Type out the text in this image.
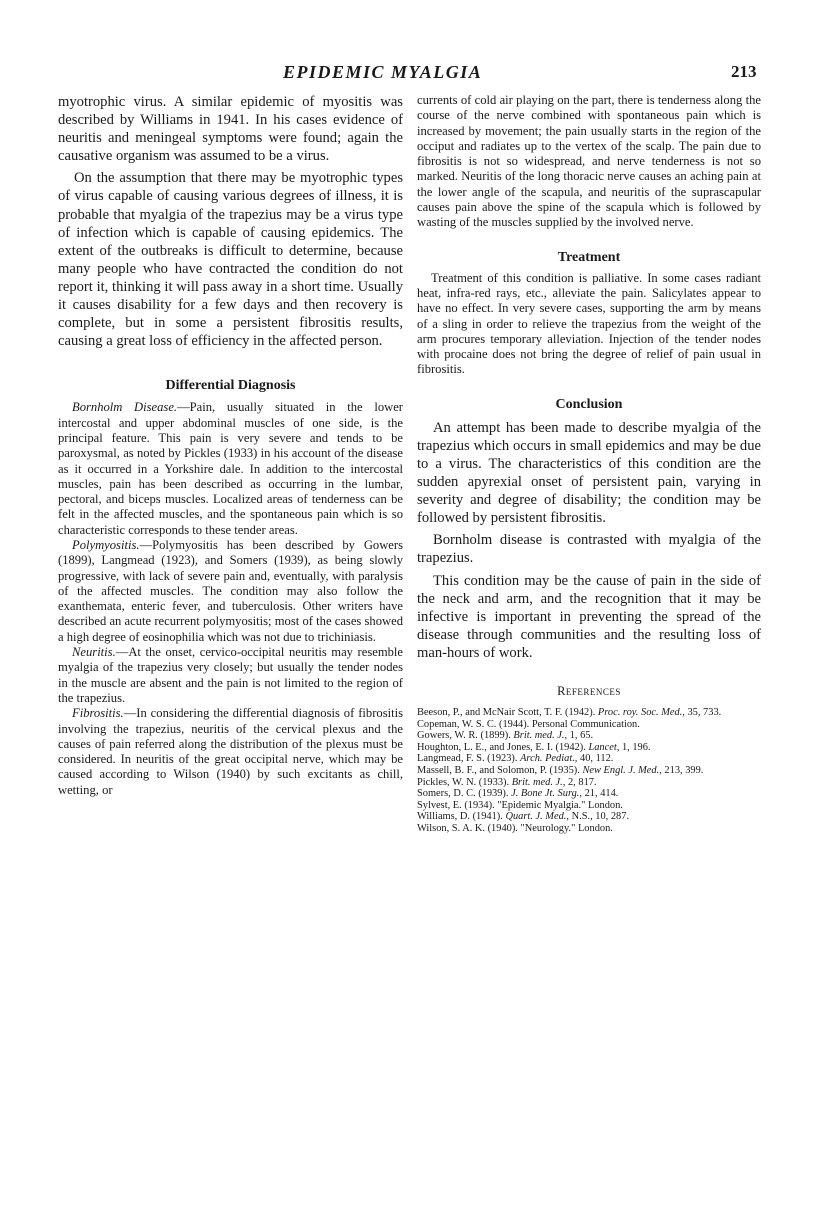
EPIDEMIC MYALGIA	213

myotrophic virus. A similar epidemic of myositis was described by Williams in 1941. In his cases evidence of neuritis and meningeal symptoms were found; again the causative organism was assumed to be a virus.

On the assumption that there may be myotrophic types of virus capable of causing various degrees of illness, it is probable that myalgia of the trapezius may be a virus type of infection which is capable of causing epidemics. The extent of the outbreaks is difficult to determine, because many people who have contracted the condition do not report it, thinking it will pass away in a short time. Usually it causes disability for a few days and then recovery is complete, but in some a persistent fibrositis results, causing a great loss of efficiency in the affected person.

Differential Diagnosis

Bornholm Disease.—Pain, usually situated in the lower intercostal and upper abdominal muscles of one side, is the principal feature. This pain is very severe and tends to be paroxysmal, as noted by Pickles (1933) in his account of the disease as it occurred in a Yorkshire dale. In addition to the intercostal muscles, pain has been described as occurring in the lumbar, pectoral, and biceps muscles. Localized areas of tenderness can be felt in the affected muscles, and the spontaneous pain which is so characteristic corresponds to these tender areas.

Polymyositis.—Polymyositis has been described by Gowers (1899), Langmead (1923), and Somers (1939), as being slowly progressive, with lack of severe pain and, eventually, with paralysis of the affected muscles. The condition may also follow the exanthemata, enteric fever, and tuberculosis. Other writers have described an acute recurrent polymyositis; most of the cases showed a high degree of eosinophilia which was not due to trichiniasis.

Neuritis.—At the onset, cervico-occipital neuritis may resemble myalgia of the trapezius very closely; but usually the tender nodes in the muscle are absent and the pain is not limited to the region of the trapezius.

Fibrositis.—In considering the differential diagnosis of fibrositis involving the trapezius, neuritis of the cervical plexus and the causes of pain referred along the distribution of the plexus must be considered. In neuritis of the great occipital nerve, which may be caused according to Wilson (1940) by such excitants as chill, wetting, or

currents of cold air playing on the part, there is tenderness along the course of the nerve combined with spontaneous pain which is increased by movement; the pain usually starts in the region of the occiput and radiates up to the vertex of the scalp. The pain due to fibrositis is not so widespread, and nerve tenderness is not so marked. Neuritis of the long thoracic nerve causes an aching pain at the lower angle of the scapula, and neuritis of the suprascapular causes pain above the spine of the scapula which is followed by wasting of the muscles supplied by the involved nerve.

Treatment

Treatment of this condition is palliative. In some cases radiant heat, infra-red rays, etc., alleviate the pain. Salicylates appear to have no effect. In very severe cases, supporting the arm by means of a sling in order to relieve the trapezius from the weight of the arm procures temporary alleviation. Injection of the tender nodes with procaine does not bring the degree of relief of pain usual in fibrositis.

Conclusion

An attempt has been made to describe myalgia of the trapezius which occurs in small epidemics and may be due to a virus. The characteristics of this condition are the sudden apyrexial onset of persistent pain, varying in severity and degree of disability; the condition may be followed by persistent fibrositis.

Bornholm disease is contrasted with myalgia of the trapezius.

This condition may be the cause of pain in the side of the neck and arm, and the recognition that it may be infective is important in preventing the spread of the disease through communities and the resulting loss of man-hours of work.

References
Beeson, P., and McNair Scott, T. F. (1942). Proc. roy. Soc. Med., 35, 733.
Copeman, W. S. C. (1944). Personal Communication.
Gowers, W. R. (1899). Brit. med. J., 1, 65.
Houghton, L. E., and Jones, E. I. (1942). Lancet, 1, 196.
Langmead, F. S. (1923). Arch. Pediat., 40, 112.
Massell, B. F., and Solomon, P. (1935). New Engl. J. Med., 213, 399.
Pickles, W. N. (1933). Brit. med. J., 2, 817.
Somers, D. C. (1939). J. Bone Jt. Surg., 21, 414.
Sylvest, E. (1934). "Epidemic Myalgia." London.
Williams, D. (1941). Quart. J. Med., N.S., 10, 287.
Wilson, S. A. K. (1940). "Neurology." London.
